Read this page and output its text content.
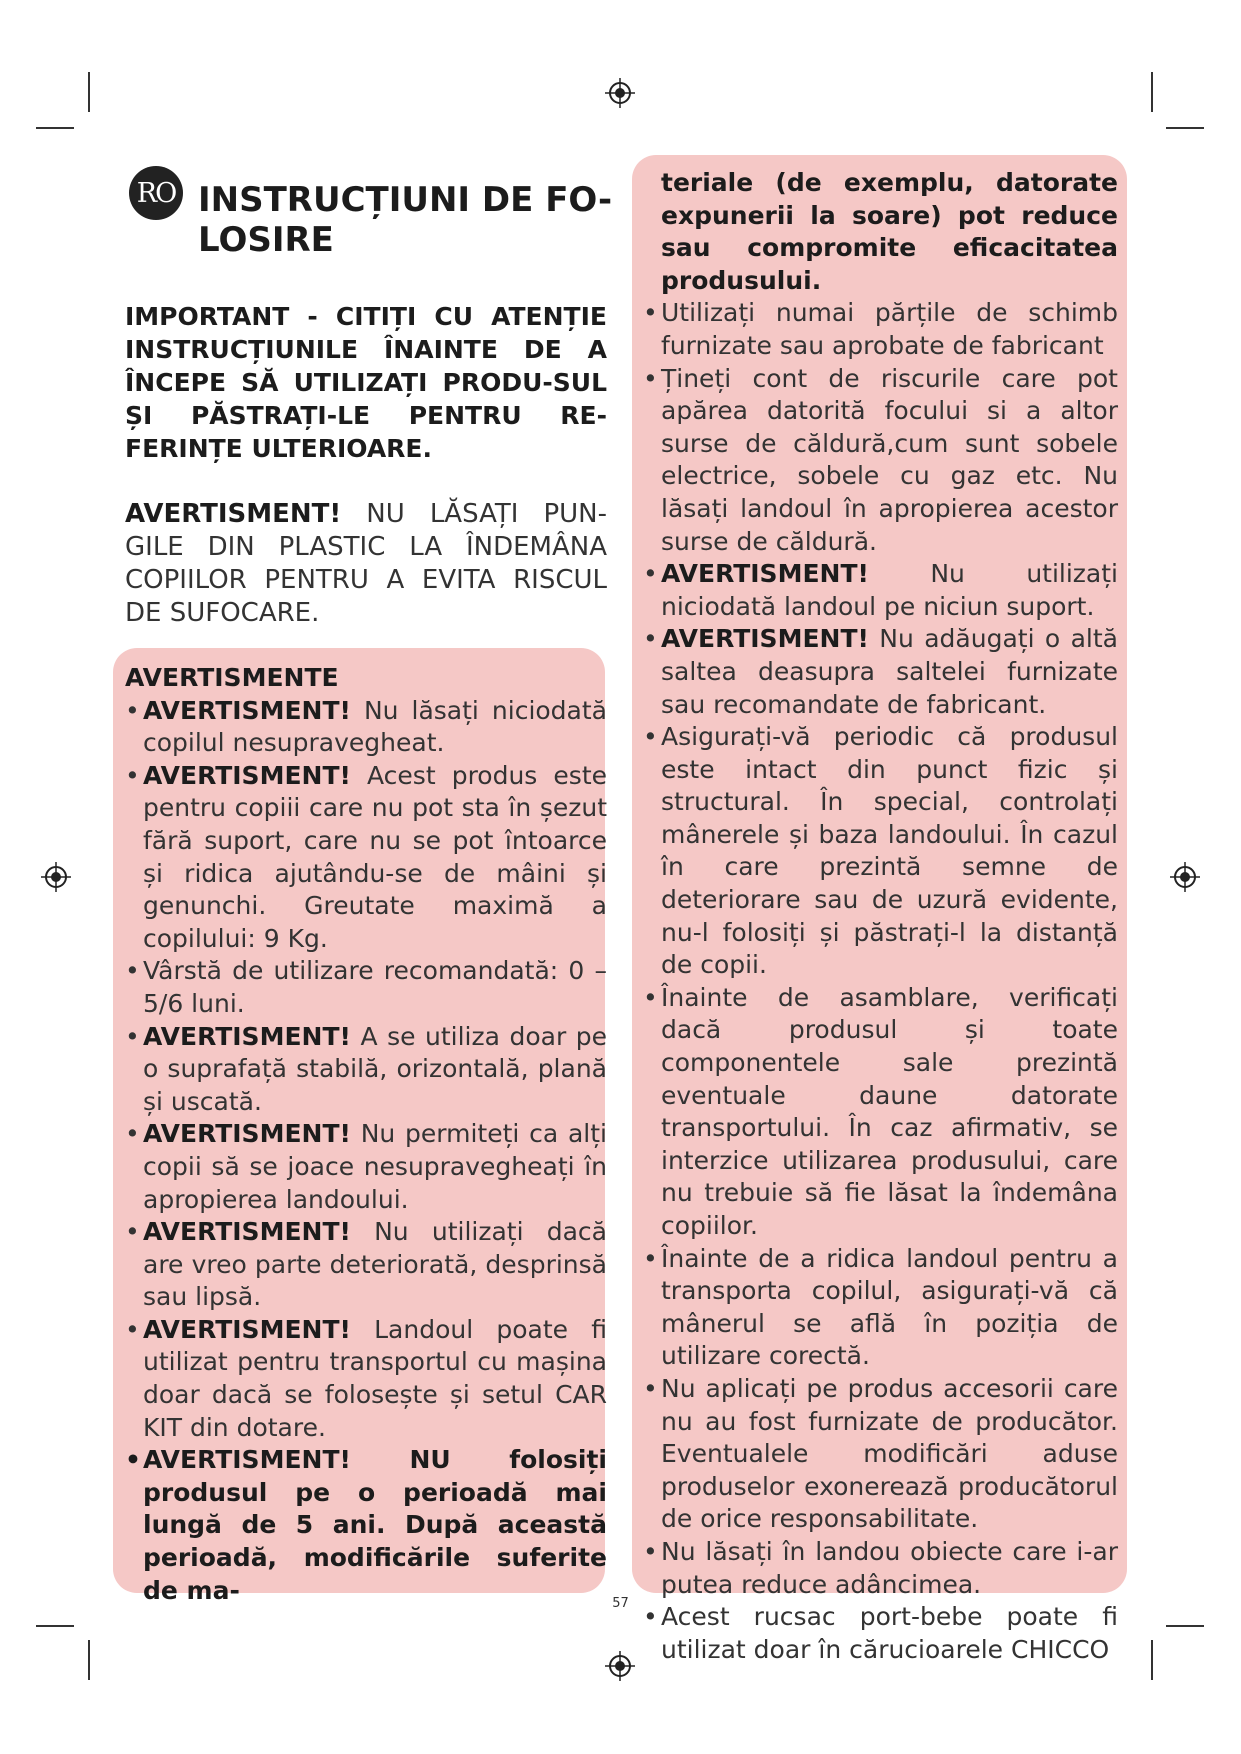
RO INSTRUCȚIUNI DE FO-LOSIRE

IMPORTANT - CITIȚI CU ATENȚIE INSTRUCȚIUNILE ÎNAINTE DE A ÎNCEPE SĂ UTILIZAȚI PRODU-SUL ȘI PĂSTRAȚI-LE PENTRU RE-FERINȚE ULTERIOARE.

AVERTISMENT! NU LĂSAȚI PUN-GILE DIN PLASTIC LA ÎNDEMÂNA COPIILOR PENTRU A EVITA RISCUL DE SUFOCARE.

AVERTISMENTE

• AVERTISMENT! Nu lăsați niciodată copilul nesupravegheat.
• AVERTISMENT! Acest produs este pentru copiii care nu pot sta în șezut fără suport, care nu se pot întoarce și ridica ajutându-se de mâini și genunchi. Greutate maximă a copilului: 9 Kg.
• Vârstă de utilizare recomandată: 0 – 5/6 luni.
• AVERTISMENT! A se utiliza doar pe o suprafață stabilă, orizontală, plană și uscată.
• AVERTISMENT! Nu permiteți ca alți copii să se joace nesupravegheați în apropierea landoului.
• AVERTISMENT! Nu utilizați dacă are vreo parte deteriorată, desprinsă sau lipsă.
• AVERTISMENT! Landoul poate fi utilizat pentru transportul cu mașina doar dacă se folosește și setul CAR KIT din dotare.
• AVERTISMENT! NU folosiți produsul pe o perioadă mai lungă de 5 ani. După această perioadă, modificările suferite de ma-

teriale (de exemplu, datorate expunerii la soare) pot reduce sau compromite eficacitatea produsului.

• Utilizați numai părțile de schimb furnizate sau aprobate de fabricant
• Țineți cont de riscurile care pot apărea datorită focului si a altor surse de căldură,cum sunt sobele electrice, sobele cu gaz etc. Nu lăsați landoul în apropierea acestor surse de căldură.
• AVERTISMENT! Nu utilizați niciodată landoul pe niciun suport.
• AVERTISMENT! Nu adăugați o altă saltea deasupra saltelei furnizate sau recomandate de fabricant.
• Asigurați-vă periodic că produsul este intact din punct fizic și structural. În special, controlați mânerele și baza landoului. În cazul în care prezintă semne de deteriorare sau de uzură evidente, nu-l folosiți și păstrați-l la distanță de copii.
• Înainte de asamblare, verificați dacă produsul și toate componentele sale prezintă eventuale daune datorate transportului. În caz afirmativ, se interzice utilizarea produsului, care nu trebuie să fie lăsat la îndemâna copiilor.
• Înainte de a ridica landoul pentru a transporta copilul, asigurați-vă că mânerul se află în poziția de utilizare corectă.
• Nu aplicați pe produs accesorii care nu au fost furnizate de producător. Eventualele modificări aduse produselor exonerează producătorul de orice responsabilitate.
• Nu lăsați în landou obiecte care i-ar putea reduce adâncimea.
• Acest rucsac port-bebe poate fi utilizat doar în cărucioarele CHICCO
57
